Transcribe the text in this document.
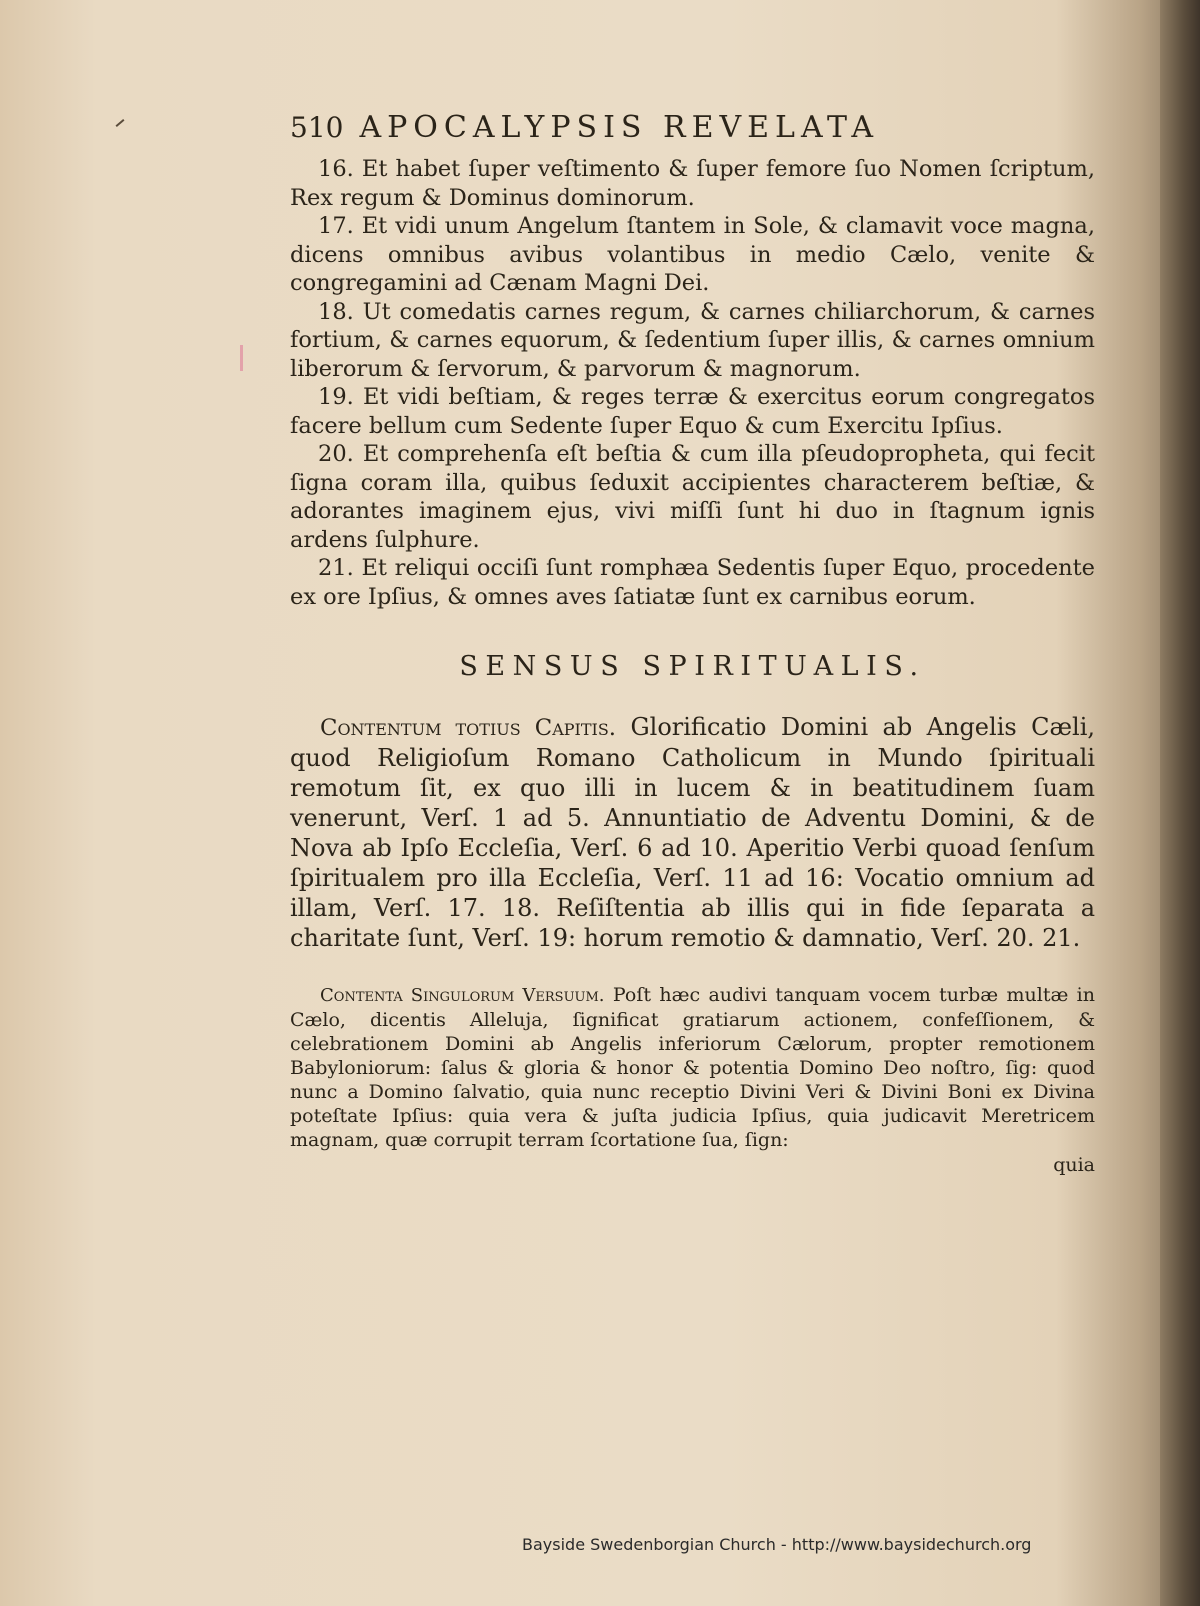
510 APOCALYPSIS REVELATA

16. Et habet ſuper veſtimento & ſuper femore ſuo Nomen ſcriptum, Rex regum & Dominus dominorum.

17. Et vidi unum Angelum ſtantem in Sole, & clamavit voce magna, dicens omnibus avibus volantibus in medio Cælo, venite & congregamini ad Cænam Magni Dei.

18. Ut comedatis carnes regum, & carnes chiliarchorum, & carnes fortium, & carnes equorum, & ſedentium ſuper illis, & carnes omnium liberorum & ſervorum, & parvorum & magnorum.

19. Et vidi beſtiam, & reges terræ & exercitus eorum congregatos facere bellum cum Sedente ſuper Equo & cum Exercitu Ipſius.

20. Et comprehenſa eſt beſtia & cum illa pſeudopropheta, qui fecit ſigna coram illa, quibus ſeduxit accipientes characterem beſtiæ, & adorantes imaginem ejus, vivi miſſi ſunt hi duo in ſtagnum ignis ardens ſulphure.

21. Et reliqui occiſi ſunt romphæa Sedentis ſuper Equo, procedente ex ore Ipſius, & omnes aves ſatiatæ ſunt ex carnibus eorum.

SENSUS SPIRITUALIS.

Contentum totius Capitis. Glorificatio Domini ab Angelis Cæli, quod Religioſum Romano Catholicum in Mundo ſpirituali remotum ſit, ex quo illi in lucem & in beatitudinem ſuam venerunt, Verſ. 1 ad 5. Annuntiatio de Adventu Domini, & de Nova ab Ipſo Eccleſia, Verſ. 6 ad 10. Aperitio Verbi quoad ſenſum ſpiritualem pro illa Eccleſia, Verſ. 11 ad 16: Vocatio omnium ad illam, Verſ. 17. 18. Reſiſtentia ab illis qui in fide ſeparata a charitate ſunt, Verſ. 19: horum remotio & damnatio, Verſ. 20. 21.

Contenta Singulorum Versuum. Poſt hæc audivi tanquam vocem turbæ multæ in Cælo, dicentis Alleluja, ſignificat gratiarum actionem, confeſſionem, & celebrationem Domini ab Angelis inferiorum Cælorum, propter remotionem Babyloniorum: ſalus & gloria & honor & potentia Domino Deo noſtro, ſig: quod nunc a Domino ſalvatio, quia nunc receptio Divini Veri & Divini Boni ex Divina poteſtate Ipſius: quia vera & juſta judicia Ipſius, quia judicavit Meretricem magnam, quæ corrupit terram ſcortatione ſua, ſign:

quia
Bayside Swedenborgian Church - http://www.baysidechurch.org
